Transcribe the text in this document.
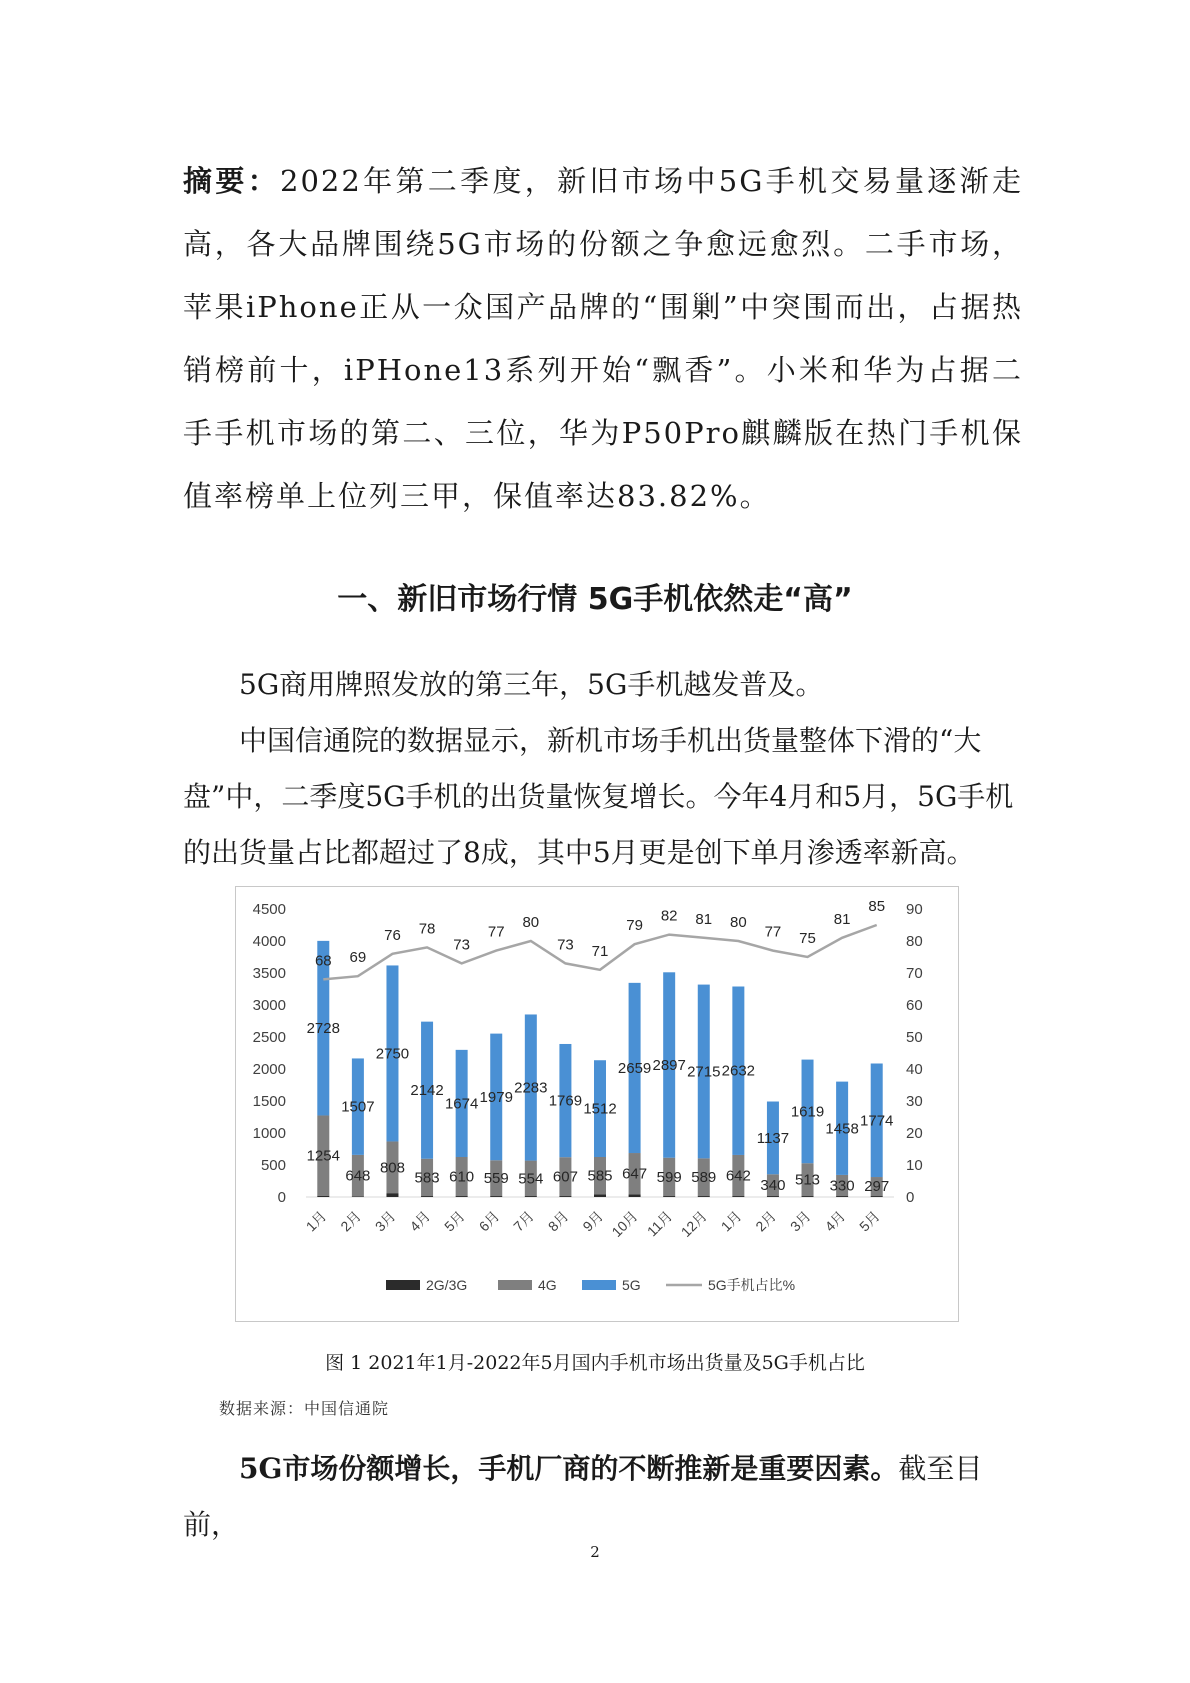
摘要：2022年第二季度，新旧市场中5G手机交易量逐渐走高，各大品牌围绕5G市场的份额之争愈远愈烈。二手市场，苹果iPhone正从一众国产品牌的“围剿”中突围而出，占据热销榜前十，iPHone13系列开始“飘香”。小米和华为占据二手手机市场的第二、三位，华为P50Pro麒麟版在热门手机保值率榜单上位列三甲，保值率达83.82%。
一、新旧市场行情 5G手机依然走“高”
5G商用牌照发放的第三年，5G手机越发普及。
中国信通院的数据显示，新机市场手机出货量整体下滑的“大盘”中，二季度5G手机的出货量恢复增长。今年4月和5月，5G手机的出货量占比都超过了8成，其中5月更是创下单月渗透率新高。
0
500
1000
1500
2000
2500
3000
3500
4000
4500
0
10
20
30
40
50
60
70
80
90
1254
2728
1月
648
1507
2月
808
2750
3月
583
2142
4月
610
1674
5月
559
1979
6月
554
2283
7月
607
1769
8月
585
1512
9月
647
2659
10月
599
2897
11月
589
2715
12月
642
2632
1月
340
1137
2月
513
1619
3月
330
1458
4月
297
1774
5月
68 69
76 78
73
77
80
73 71
79
82 81 80
77 75
81
85
2G/3G	4G	5G	5G手机占比%
图 1 2021年1月-2022年5月国内手机市场出货量及5G手机占比
数据来源：中国信通院
5G市场份额增长，手机厂商的不断推新是重要因素。截至目前，
2
